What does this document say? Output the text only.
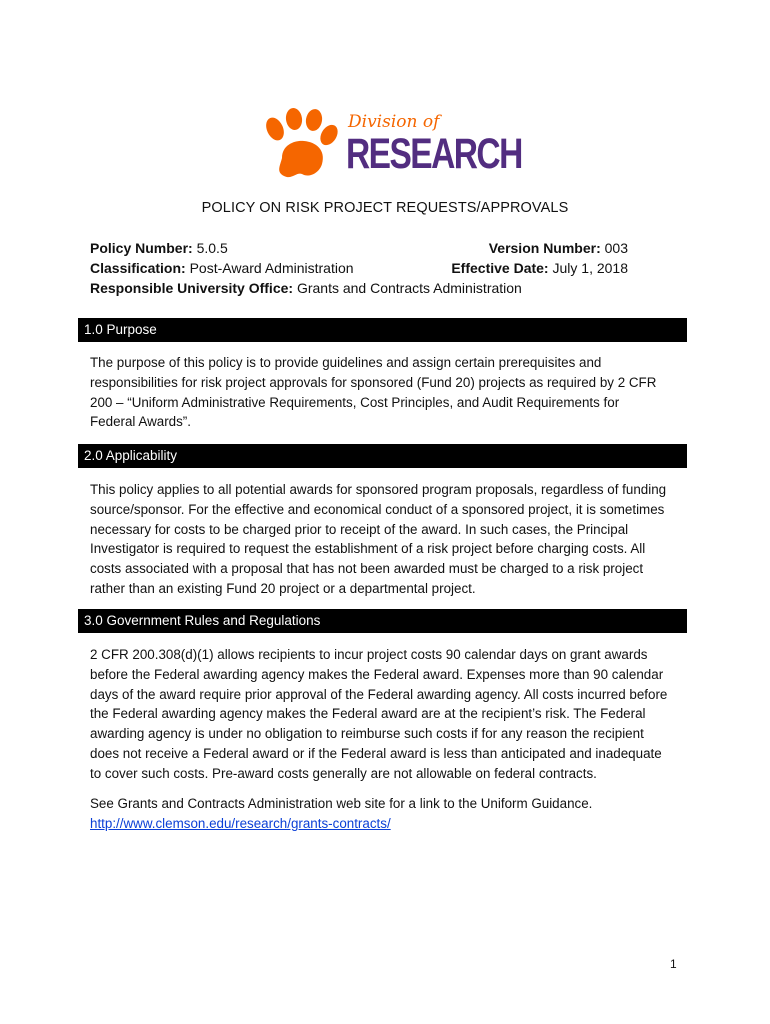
Division of
RESEARCH
POLICY ON RISK PROJECT REQUESTS/APPROVALS
Policy Number: 5.0.5	Version Number: 003
Classification: Post-Award Administration	Effective Date: July 1, 2018
Responsible University Office: Grants and Contracts Administration
1.0 Purpose
The purpose of this policy is to provide guidelines and assign certain prerequisites and
responsibilities for risk project approvals for sponsored (Fund 20) projects as required by 2 CFR
200 – “Uniform Administrative Requirements, Cost Principles, and Audit Requirements for
Federal Awards”.
2.0 Applicability
This policy applies to all potential awards for sponsored program proposals, regardless of funding
source/sponsor. For the effective and economical conduct of a sponsored project, it is sometimes
necessary for costs to be charged prior to receipt of the award. In such cases, the Principal
Investigator is required to request the establishment of a risk project before charging costs. All
costs associated with a proposal that has not been awarded must be charged to a risk project
rather than an existing Fund 20 project or a departmental project.
3.0 Government Rules and Regulations
2 CFR 200.308(d)(1) allows recipients to incur project costs 90 calendar days on grant awards
before the Federal awarding agency makes the Federal award. Expenses more than 90 calendar
days of the award require prior approval of the Federal awarding agency. All costs incurred before
the Federal awarding agency makes the Federal award are at the recipient’s risk. The Federal
awarding agency is under no obligation to reimburse such costs if for any reason the recipient
does not receive a Federal award or if the Federal award is less than anticipated and inadequate
to cover such costs. Pre-award costs generally are not allowable on federal contracts.
See Grants and Contracts Administration web site for a link to the Uniform Guidance.
http://www.clemson.edu/research/grants-contracts/
1
